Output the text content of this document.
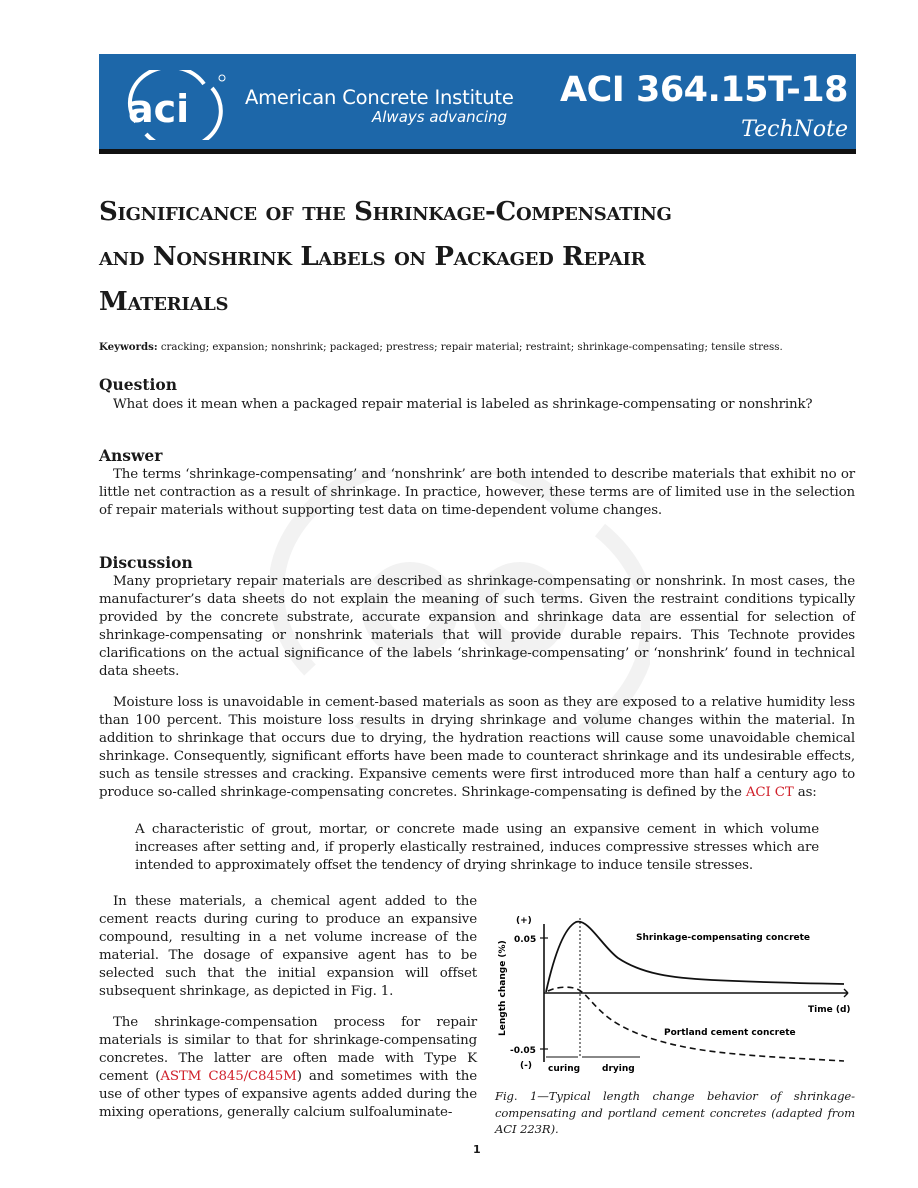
aci	American Concrete Institute
Always advancing
ACI 364.15T-18
TechNote
Significance of the Shrinkage-Compensating
and Nonshrink Labels on Packaged Repair
Materials
Keywords: cracking; expansion; nonshrink; packaged; prestress; repair material; restraint; shrinkage-compensating; tensile stress.
Question
What does it mean when a packaged repair material is labeled as shrinkage-compensating or nonshrink?
Answer
The terms ‘shrinkage-compensating’ and ‘nonshrink’ are both intended to describe materials that exhibit no or little net contraction as a result of shrinkage. In practice, however, these terms are of limited use in the selection of repair materials without supporting test data on time-dependent volume changes.
Discussion
Many proprietary repair materials are described as shrinkage-compensating or nonshrink. In most cases, the manufacturer’s data sheets do not explain the meaning of such terms. Given the restraint conditions typically provided by the concrete substrate, accurate expansion and shrinkage data are essential for selection of shrinkage-compensating or nonshrink materials that will provide durable repairs. This Technote provides clarifications on the actual significance of the labels ‘shrinkage-compensating’ or ‘nonshrink’ found in technical data sheets.
Moisture loss is unavoidable in cement-based materials as soon as they are exposed to a relative humidity less than 100 percent. This moisture loss results in drying shrinkage and volume changes within the material. In addition to shrinkage that occurs due to drying, the hydration reactions will cause some unavoidable chemical shrinkage. Consequently, significant efforts have been made to counteract shrinkage and its undesirable effects, such as tensile stresses and cracking. Expansive cements were first introduced more than half a century ago to produce so-called shrinkage-compensating concretes. Shrinkage-compensating is defined by the ACI CT as:
A characteristic of grout, mortar, or concrete made using an expansive cement in which volume increases after setting and, if properly elastically restrained, induces compressive stresses which are intended to approximately offset the tendency of drying shrinkage to induce tensile stresses.
In these materials, a chemical agent added to the cement reacts during curing to produce an expansive compound, resulting in a net volume increase of the material. The dosage of expansive agent has to be selected such that the initial expansion will offset subsequent shrinkage, as depicted in Fig. 1.
The shrinkage-compensation process for repair materials is similar to that for shrinkage-compensating concretes. The latter are often made with Type K cement (ASTM C845/C845M) and sometimes with the use of other types of expansive agents added during the mixing operations, generally calcium sulfoaluminate-
(+)
0.05
-0.05
(-)
Length change (%)	Time (d)
Shrinkage-compensating concrete
Portland cement concrete
curing drying
Fig. 1—Typical length change behavior of shrinkage-compensating and portland cement concretes (adapted from ACI 223R).
1
